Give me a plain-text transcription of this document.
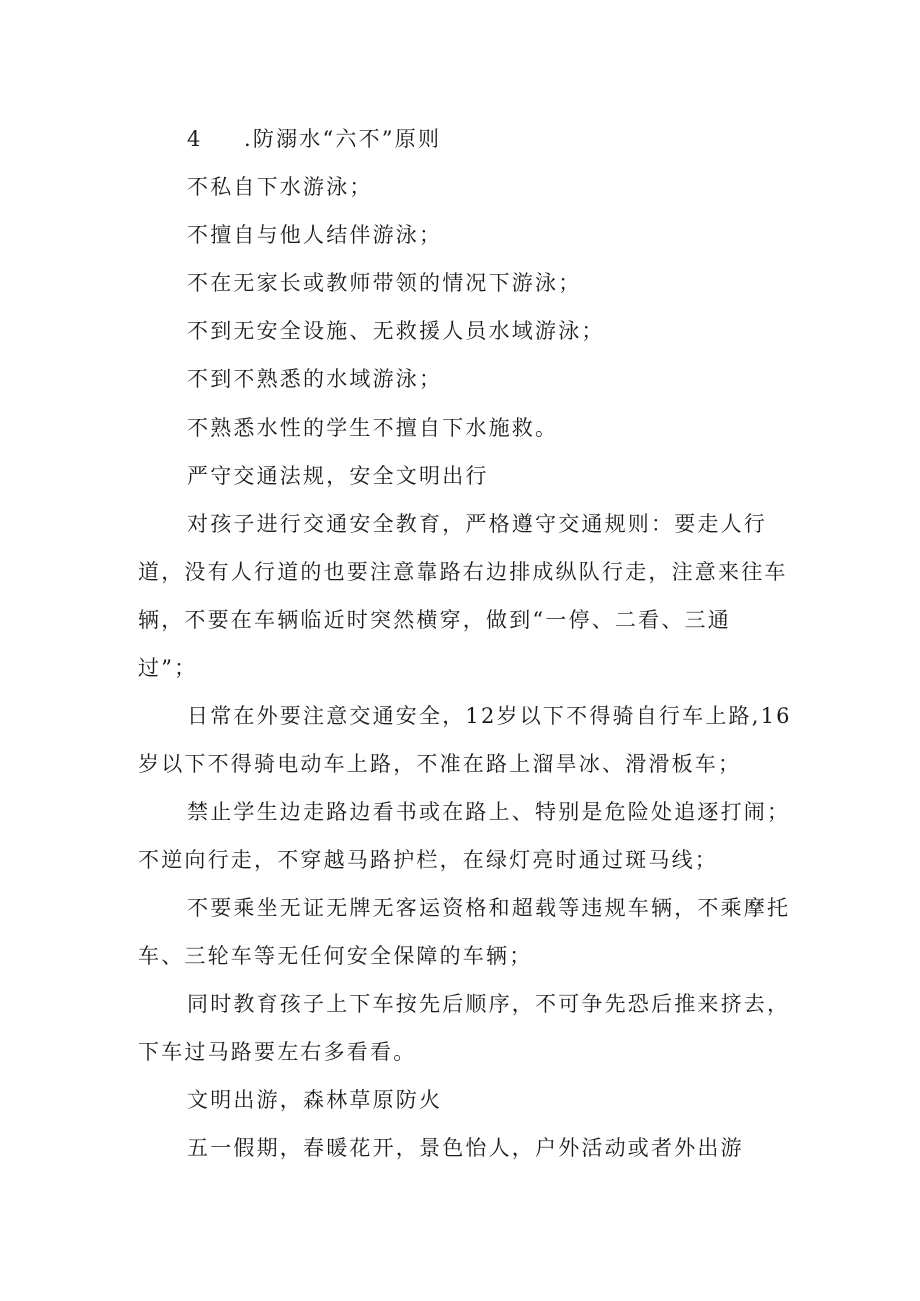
4 .防溺水“六不”原则
不私自下水游泳；
不擅自与他人结伴游泳；
不在无家长或教师带领的情况下游泳；
不到无安全设施、无救援人员水域游泳；
不到不熟悉的水域游泳；
不熟悉水性的学生不擅自下水施救。
严守交通法规，安全文明出行
对孩子进行交通安全教育，严格遵守交通规则：要走人行
道，没有人行道的也要注意靠路右边排成纵队行走，注意来往车
辆，不要在车辆临近时突然横穿，做到“一停、二看、三通
过”；
日常在外要注意交通安全，12岁以下不得骑自行车上路,16
岁以下不得骑电动车上路，不准在路上溜旱冰、滑滑板车；
禁止学生边走路边看书或在路上、特别是危险处追逐打闹；
不逆向行走，不穿越马路护栏，在绿灯亮时通过斑马线；
不要乘坐无证无牌无客运资格和超载等违规车辆，不乘摩托
车、三轮车等无任何安全保障的车辆；
同时教育孩子上下车按先后顺序，不可争先恐后推来挤去，
下车过马路要左右多看看。
文明出游，森林草原防火
五一假期，春暖花开，景色怡人，户外活动或者外出游
